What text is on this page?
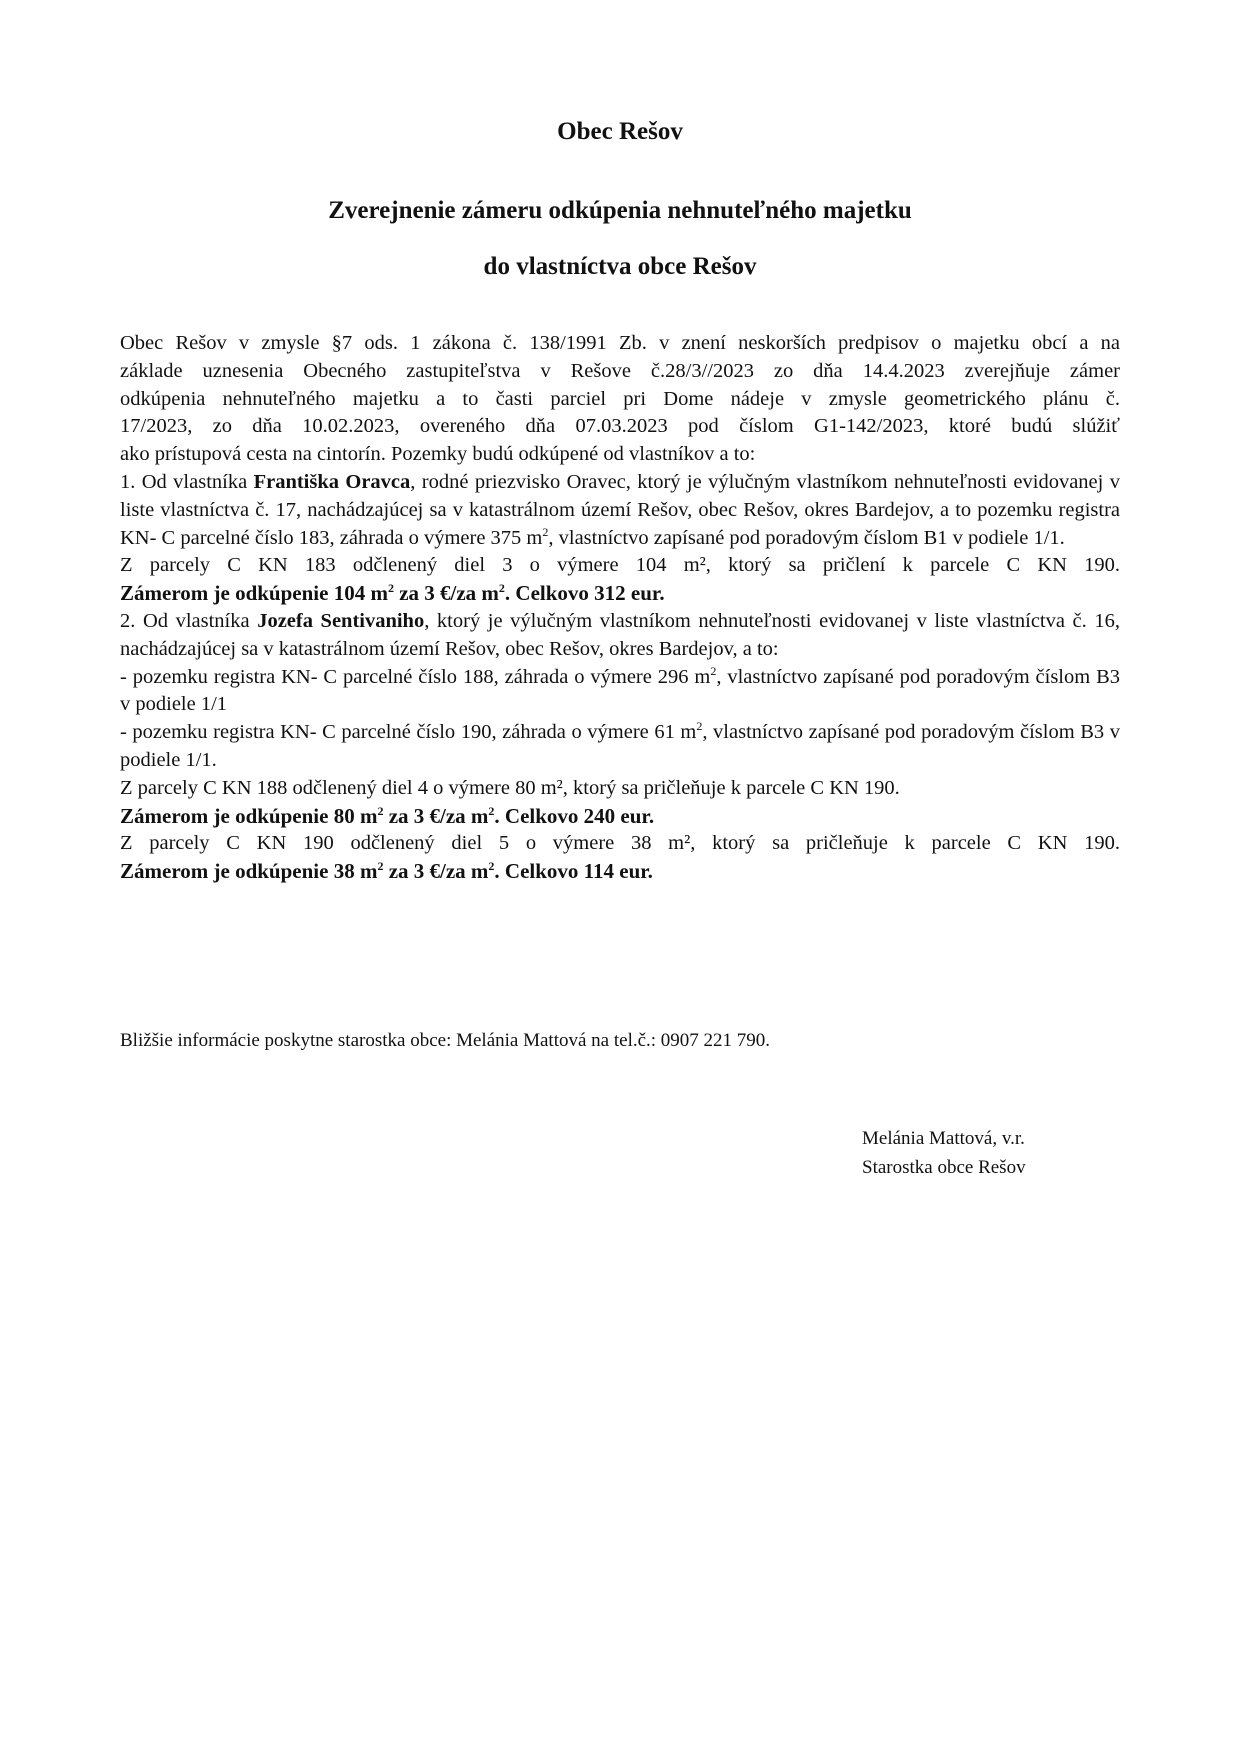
Obec Rešov
Zverejnenie zámeru odkúpenia nehnuteľného majetku
do vlastníctva obce Rešov

Obec Rešov v zmysle §7 ods. 1 zákona č. 138/1991 Zb. v znení neskorších predpisov o majetku obcí a na

základe uznesenia Obecného zastupiteľstva v Rešove č.28/3//2023 zo dňa 14.4.2023 zverejňuje zámer

odkúpenia nehnuteľného majetku a to časti parciel pri Dome nádeje v zmysle geometrického plánu č.

17/2023, zo dňa 10.02.2023, overeného dňa 07.03.2023 pod číslom G1-142/2023, ktoré budú slúžiť

ako prístupová cesta na cintorín. Pozemky budú odkúpené od vlastníkov a to:

1. Od vlastníka Františka Oravca, rodné priezvisko Oravec, ktorý je výlučným vlastníkom nehnuteľnosti evidovanej v liste vlastníctva č. 17, nachádzajúcej sa v katastrálnom území Rešov, obec Rešov, okres Bardejov, a to pozemku registra KN- C parcelné číslo 183, záhrada o výmere 375 $m^2$, vlastníctvo zapísané pod poradovým číslom B1 v podiele 1/1.

Z parcely C KN 183 odčlenený diel 3 o výmere 104 m², ktorý sa pričlení k parcele C KN 190.

Zámerom je odkúpenie 104 $m^2$ za 3 €/za $m^2$. Celkovo 312 eur.

2. Od vlastníka Jozefa Sentivaniho, ktorý je výlučným vlastníkom nehnuteľnosti evidovanej v liste vlastníctva č. 16, nachádzajúcej sa v katastrálnom území Rešov, obec Rešov, okres Bardejov, a to:

- pozemku registra KN- C parcelné číslo 188, záhrada o výmere 296 $m^2$, vlastníctvo zapísané pod poradovým číslom B3 v podiele 1/1

- pozemku registra KN- C parcelné číslo 190, záhrada o výmere 61 $m^2$, vlastníctvo zapísané pod poradovým číslom B3 v podiele 1/1.

Z parcely C KN 188 odčlenený diel 4 o výmere 80 m², ktorý sa pričleňuje k parcele C KN 190.

Zámerom je odkúpenie 80 $m^2$ za 3 €/za $m^2$. Celkovo 240 eur.

Z parcely C KN 190 odčlenený diel 5 o výmere 38 m², ktorý sa pričleňuje k parcele C KN 190.

Zámerom je odkúpenie 38 $m^2$ za 3 €/za $m^2$. Celkovo 114 eur.

Bližšie informácie poskytne starostka obce: Melánia Mattová na tel.č.: 0907 221 790.

Melánia Mattová, v.r.
Starostka obce Rešov
